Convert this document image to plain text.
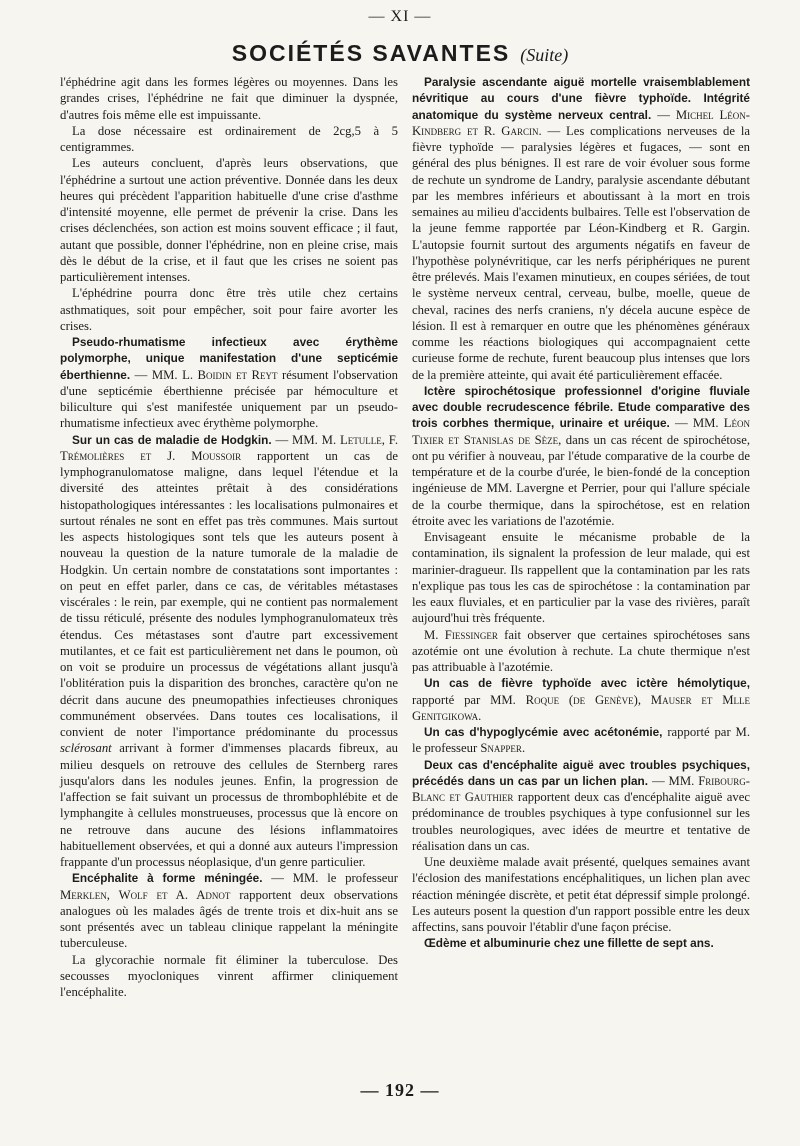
— XI —
SOCIÉTÉS SAVANTES (Suite)

l'éphédrine agit dans les formes légères ou moyennes. Dans les grandes crises, l'éphédrine ne fait que diminuer la dyspnée, d'autres fois même elle est impuissante.

La dose nécessaire est ordinairement de 2cg,5 à 5 centigrammes.

Les auteurs concluent, d'après leurs observations, que l'éphédrine a surtout une action préventive. Donnée dans les deux heures qui précèdent l'apparition habituelle d'une crise d'asthme d'intensité moyenne, elle permet de prévenir la crise. Dans les crises déclenchées, son action est moins souvent efficace ; il faut, autant que possible, donner l'éphédrine, non en pleine crise, mais dès le début de la crise, et il faut que les crises ne soient pas particulièrement intenses.

L'éphédrine pourra donc être très utile chez certains asthmatiques, soit pour empêcher, soit pour faire avorter les crises.

Pseudo-rhumatisme infectieux avec érythème polymorphe, unique manifestation d'une septicémie éberthienne. — MM. L. Boidin et Reyt résument l'observation d'une septicémie éberthienne précisée par hémoculture et biliculture qui s'est manifestée uniquement par un pseudo-rhumatisme infectieux avec érythème polymorphe.

Sur un cas de maladie de Hodgkin. — MM. M. Letulle, F. Trémolières et J. Moussoir rapportent un cas de lymphogranulomatose maligne, dans lequel l'étendue et la diversité des atteintes prêtait à des considérations histopathologiques intéressantes : les localisations pulmonaires et surtout rénales ne sont en effet pas très communes. Mais surtout les aspects histologiques sont tels que les auteurs posent à nouveau la question de la nature tumorale de la maladie de Hodgkin. Un certain nombre de constatations sont importantes : on peut en effet parler, dans ce cas, de véritables métastases viscérales : le rein, par exemple, qui ne contient pas normalement de tissu réticulé, présente des nodules lymphogranulomateux très étendus. Ces métastases sont d'autre part excessivement mutilantes, et ce fait est particulièrement net dans le poumon, où on voit se produire un processus de végétations allant jusqu'à l'oblitération puis la disparition des bronches, caractère qu'on ne décrit dans aucune des pneumopathies infectieuses chroniques communément observées. Dans toutes ces localisations, il convient de noter l'importance prédominante du processus sclérosant arrivant à former d'immenses placards fibreux, au milieu desquels on retrouve des cellules de Sternberg rares jusqu'alors dans les nodules jeunes. Enfin, la progression de l'affection se fait suivant un processus de thrombophlébite et de lymphangite à cellules monstrueuses, processus que là encore on ne retrouve dans aucune des lésions inflammatoires habituellement observées, et qui a donné aux auteurs l'impression frappante d'un processus néoplasique, d'un genre particulier.

Encéphalite à forme méningée. — MM. le professeur Merklen, Wolf et A. Adnot rapportent deux observations analogues où les malades âgés de trente trois et dix-huit ans se sont présentés avec un tableau clinique rappelant la méningite tuberculeuse.

La glycorachie normale fit éliminer la tuberculose. Des secousses myocloniques vinrent affirmer cliniquement l'encéphalite.

Paralysie ascendante aiguë mortelle vraisemblablement névritique au cours d'une fièvre typhoïde. Intégrité anatomique du système nerveux central. — Michel Léon-Kindberg et R. Garcin. — Les complications nerveuses de la fièvre typhoïde — paralysies légères et fugaces, — sont en général des plus bénignes. Il est rare de voir évoluer sous forme de rechute un syndrome de Landry, paralysie ascendante débutant par les membres inférieurs et aboutissant à la mort en trois semaines au milieu d'accidents bulbaires. Telle est l'observation de la jeune femme rapportée par Léon-Kindberg et R. Gargin. L'autopsie fournit surtout des arguments négatifs en faveur de l'hypothèse polynévritique, car les nerfs périphériques ne purent être prélevés. Mais l'examen minutieux, en coupes sériées, de tout le système nerveux central, cerveau, bulbe, moelle, queue de cheval, racines des nerfs craniens, n'y décela aucune espèce de lésion. Il est à remarquer en outre que les phénomènes généraux comme les réactions biologiques qui accompagnaient cette curieuse forme de rechute, furent beaucoup plus intenses que lors de la première atteinte, qui avait été particulièrement effacée.

Ictère spirochétosique professionnel d'origine fluviale avec double recrudescence fébrile. Etude comparative des trois corbhes thermique, urinaire et uréique. — MM. Léon Tixier et Stanislas de Sèze, dans un cas récent de spirochétose, ont pu vérifier à nouveau, par l'étude comparative de la courbe de température et de la courbe d'urée, le bien-fondé de la conception ingénieuse de MM. Lavergne et Perrier, pour qui l'allure spéciale de la courbe thermique, dans la spirochétose, est en relation étroite avec les variations de l'azotémie.

Envisageant ensuite le mécanisme probable de la contamination, ils signalent la profession de leur malade, qui est marinier-dragueur. Ils rappellent que la contamination par les rats n'explique pas tous les cas de spirochétose : la contamination par les eaux fluviales, et en particulier par la vase des rivières, paraît aujourd'hui très fréquente.

M. Fiessinger fait observer que certaines spirochétoses sans azotémie ont une évolution à rechute. La chute thermique n'est pas attribuable à l'azotémie.

Un cas de fièvre typhoïde avec ictère hémolytique, rapporté par MM. Roque (de Genève), Mauser et Mlle Genitgikowa.

Un cas d'hypoglycémie avec acétonémie, rapporté par M. le professeur Snapper.

Deux cas d'encéphalite aiguë avec troubles psychiques, précédés dans un cas par un lichen plan. — MM. Fribourg-Blanc et Gauthier rapportent deux cas d'encéphalite aiguë avec prédominance de troubles psychiques à type confusionnel sur les troubles neurologiques, avec idées de meurtre et tentative de réalisation dans un cas.

Une deuxième malade avait présenté, quelques semaines avant l'éclosion des manifestations encéphalitiques, un lichen plan avec réaction méningée discrète, et petit état dépressif simple prolongé. Les auteurs posent la question d'un rapport possible entre les deux affectins, sans pouvoir l'établir d'une façon précise.

Œdème et albuminurie chez une fillette de sept ans.

— 192 —
